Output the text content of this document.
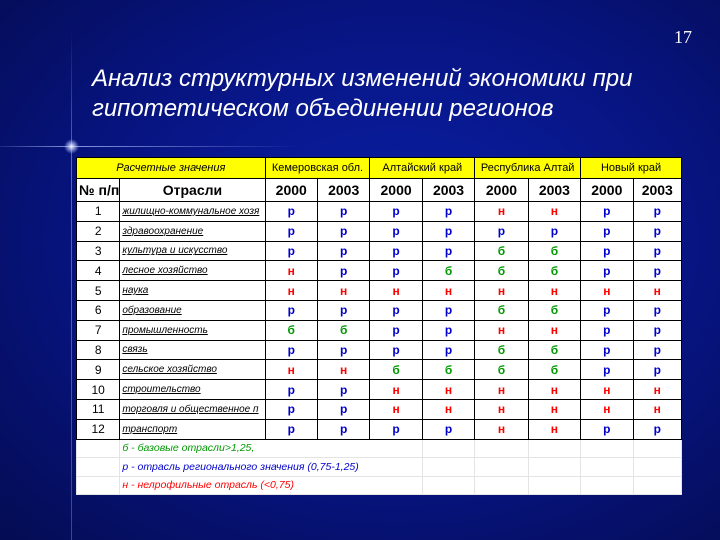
17
Анализ структурных изменений экономики при гипотетическом объединении регионов
Расчетные значения		Кемеровская обл.		Алтайский край		Республика Алтай		Новый край	
№ п/п	Отрасли	2000	2003	2000	2003	2000	2003	2000	2003
1	жилищно-коммунальное хозя	р	р	р	р	н	н	р	р
2	здравоохранение	р	р	р	р	р	р	р	р
3	культура и искусство	р	р	р	р	б	б	р	р
4	лесное хозяйство	н	р	р	б	б	б	р	р
5	наука	н	н	н	н	н	н	н	н
6	образование	р	р	р	р	б	б	р	р
7	промышленность	б	б	р	р	н	н	р	р
8	связь	р	р	р	р	б	б	р	р
9	сельское хозяйство	н	н	б	б	б	б	р	р
10	строительство	р	р	н	н	н	н	н	н
11	торговля и общественное п	р	р	н	н	н	н	н	н
12	транспорт	р	р	р	р	н	н	р	р
	б - базовые отрасли>1,25,								
	р - отрасль регионального значения (0,75-1,25)								
	н - нелрофильные отрасль (<0,75)								
